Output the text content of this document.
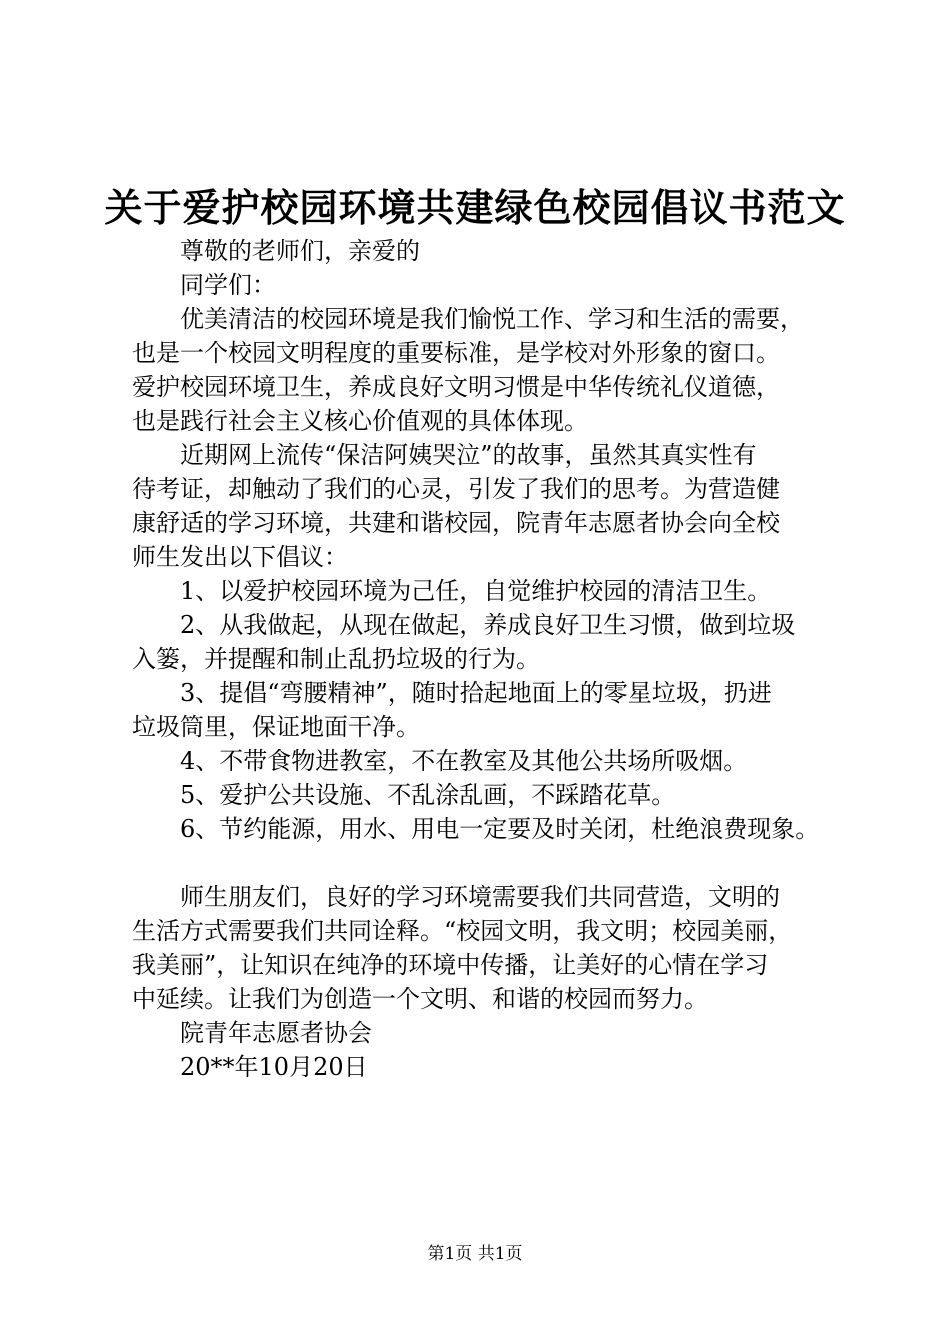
关于爱护校园环境共建绿色校园倡议书范文
尊敬的老师们，亲爱的
同学们：
优美清洁的校园环境是我们愉悦工作、学习和生活的需要，
也是一个校园文明程度的重要标准，是学校对外形象的窗口。
爱护校园环境卫生，养成良好文明习惯是中华传统礼仪道德，
也是践行社会主义核心价值观的具体体现。
近期网上流传“保洁阿姨哭泣”的故事，虽然其真实性有
待考证，却触动了我们的心灵，引发了我们的思考。为营造健
康舒适的学习环境，共建和谐校园，院青年志愿者协会向全校
师生发出以下倡议：
1、以爱护校园环境为己任，自觉维护校园的清洁卫生。
2、从我做起，从现在做起，养成良好卫生习惯，做到垃圾
入篓，并提醒和制止乱扔垃圾的行为。
3、提倡“弯腰精神”，随时拾起地面上的零星垃圾，扔进
垃圾筒里，保证地面干净。
4、不带食物进教室，不在教室及其他公共场所吸烟。
5、爱护公共设施、不乱涂乱画，不踩踏花草。
6、节约能源，用水、用电一定要及时关闭，杜绝浪费现象。
师生朋友们，良好的学习环境需要我们共同营造，文明的
生活方式需要我们共同诠释。“校园文明，我文明；校园美丽，
我美丽”，让知识在纯净的环境中传播，让美好的心情在学习
中延续。让我们为创造一个文明、和谐的校园而努力。
院青年志愿者协会
20**年10月20日
第1页 共1页
